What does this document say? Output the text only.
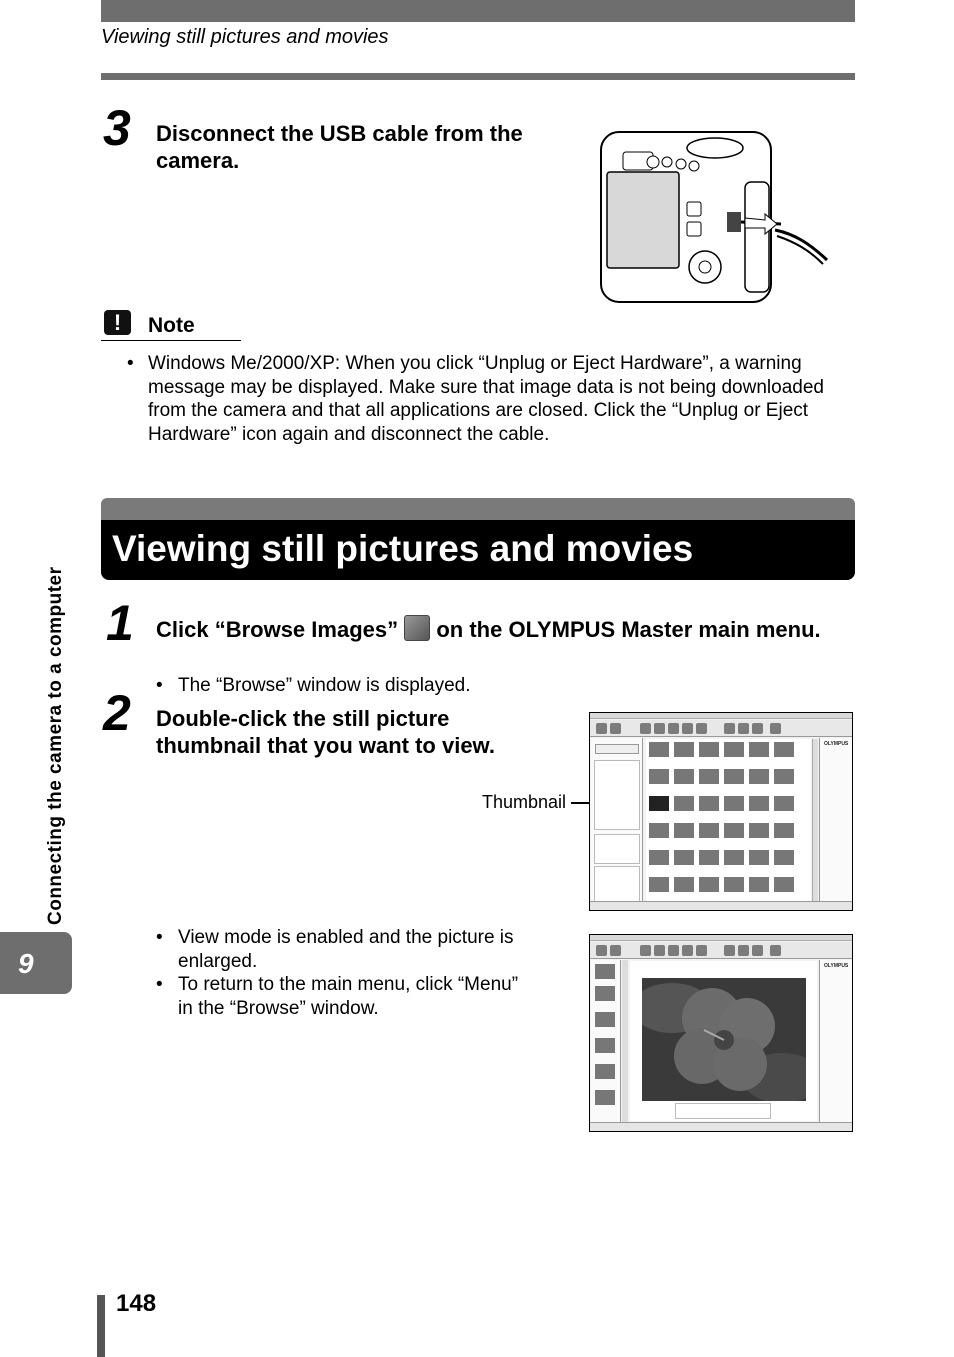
Viewing still pictures and movies
3 Disconnect the USB cable from the camera.
!	Note
• Windows Me/2000/XP: When you click “Unplug or Eject Hardware”, a warning message may be displayed. Make sure that image data is not being downloaded from the camera and that all applications are closed. Click the “Unplug or Eject Hardware” icon again and disconnect the cable.
Viewing still pictures and movies
1 Click “Browse Images” on the OLYMPUS Master main menu.
• The “Browse” window is displayed.
2 Double-click the still picture thumbnail that you want to view.
Thumbnail
OLYMPUS
• View mode is enabled and the picture is enlarged.
• To return to the main menu, click “Menu” in the “Browse” window.
OLYMPUS
Connecting the camera to a computer
9
148
